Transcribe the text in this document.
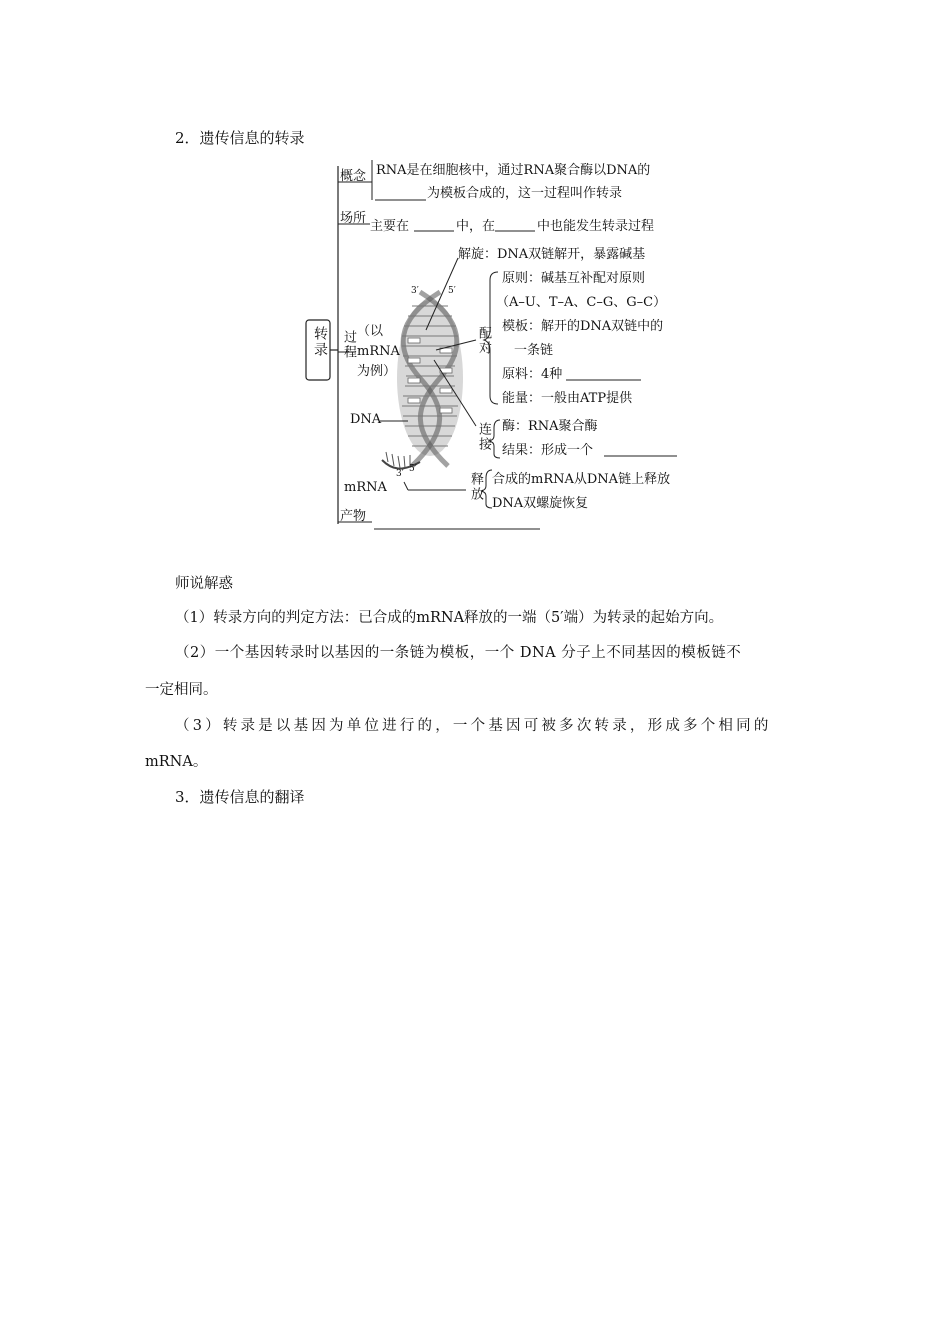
2．遗传信息的转录
转录
概念 RNA是在细胞核中，通过RNA聚合酶以DNA的
为模板合成的，这一过程叫作转录
场所
主要在	中，在	中也能发生转录过程
过程 （以mRNA为例）
解旋：DNA双链解开，暴露碱基
配对
原则：碱基互补配对原则
（A–U、T–A、C–G、G–C）
模板：解开的DNA双链中的
一条链
原料：4种
能量：一般由ATP提供
连接 酶：RNA聚合酶
结果：形成一个
释放 合成的mRNA从DNA链上释放
DNA双螺旋恢复
产物
DNA
mRNA
3′	5′
3′ 5′
师说解惑
（1）转录方向的判定方法：已合成的mRNA释放的一端（5′端）为转录的起始方向。
（2）一个基因转录时以基因的一条链为模板，一个 DNA 分子上不同基因的模板链不
一定相同。
（3）转录是以基因为单位进行的，一个基因可被多次转录，形成多个相同的
mRNA。
3．遗传信息的翻译
